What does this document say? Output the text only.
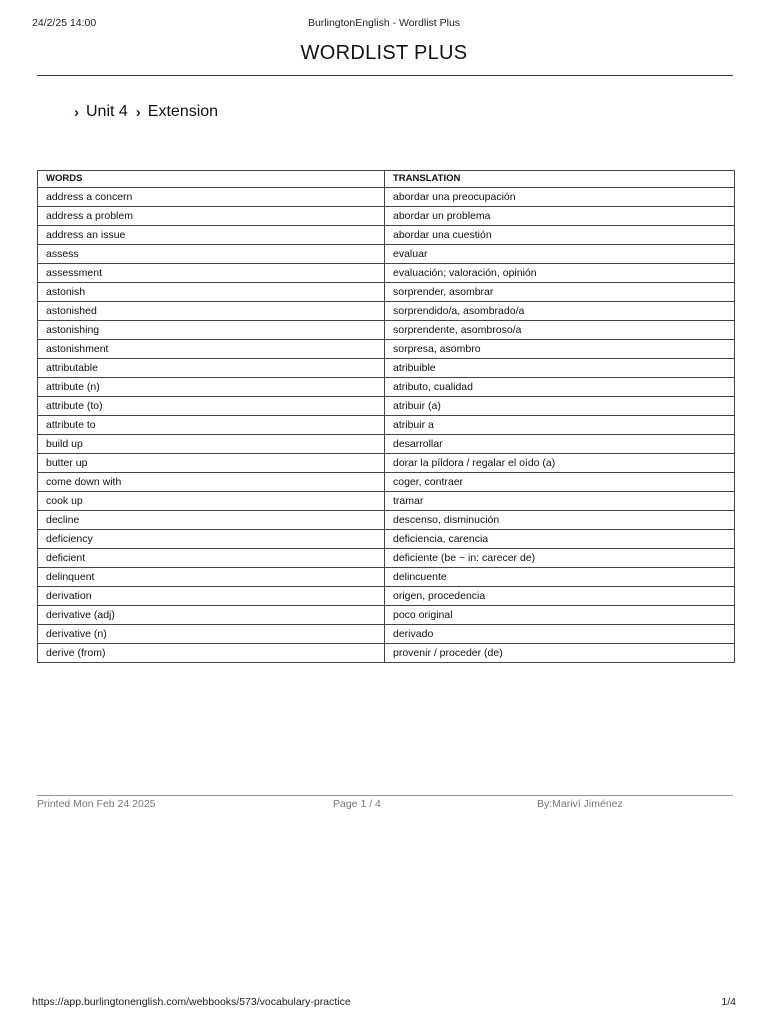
24/2/25 14:00	BurlingtonEnglish - Wordlist Plus
WORDLIST PLUS
› Unit 4 › Extension
WORDS	TRANSLATION
address a concern	abordar una preocupación
address a problem	abordar un problema
address an issue	abordar una cuestión
assess	evaluar
assessment	evaluación; valoración, opinión
astonish	sorprender, asombrar
astonished	sorprendido/a, asombrado/a
astonishing	sorprendente, asombroso/a
astonishment	sorpresa, asombro
attributable	atribuible
attribute (n)	atributo, cualidad
attribute (to)	atribuir (a)
attribute to	atribuir a
build up	desarrollar
butter up	dorar la píldora / regalar el oído (a)
come down with	coger, contraer
cook up	tramar
decline	descenso, disminución
deficiency	deficiencia, carencia
deficient	deficiente (be ~ in: carecer de)
delinquent	delincuente
derivation	origen, procedencia
derivative (adj)	poco original
derivative (n)	derivado
derive (from)	provenir / proceder (de)
Printed Mon Feb 24 2025	Page 1 / 4	By:Mariví Jiménez
https://app.burlingtonenglish.com/webbooks/573/vocabulary-practice	1/4
